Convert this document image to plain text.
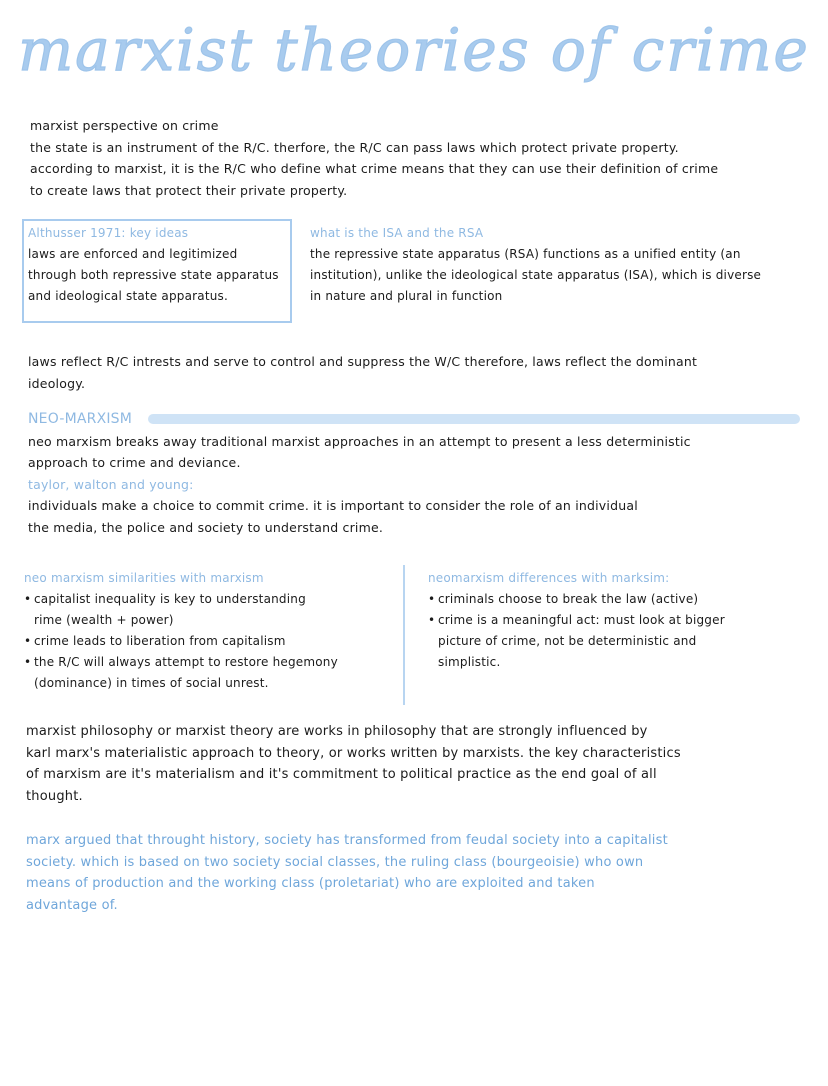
marxist theories of crime
marxist perspective on crime
the state is an instrument of the R/C. therfore, the R/C can pass laws which protect private property.
according to marxist, it is the R/C who define what crime means that they can use their definition of crime
to create laws that protect their private property.
Althusser 1971: key ideas
laws are enforced and legitimized
through both repressive state apparatus
and ideological state apparatus.
what is the ISA and the RSA
the repressive state apparatus (RSA) functions as a unified entity (an
institution), unlike the ideological state apparatus (ISA), which is diverse
in nature and plural in function
laws reflect R/C intrests and serve to control and suppress the W/C therefore, laws reflect the dominant
ideology.
NEO-MARXISM
neo marxism breaks away traditional marxist approaches in an attempt to present a less deterministic
approach to crime and deviance.
taylor, walton and young:
individuals make a choice to commit crime. it is important to consider the role of an individual
the media, the police and society to understand crime.
neo marxism similarities with marxism
• capitalist inequality is key to understanding
rime (wealth + power)
• crime leads to liberation from capitalism
• the R/C will always attempt to restore hegemony
(dominance) in times of social unrest.
neomarxism differences with marksim:
• criminals choose to break the law (active)
• crime is a meaningful act: must look at bigger
picture of crime, not be deterministic and
simplistic.
marxist philosophy or marxist theory are works in philosophy that are strongly influenced by
karl marx's materialistic approach to theory, or works written by marxists. the key characteristics
of marxism are it's materialism and it's commitment to political practice as the end goal of all
thought.
marx argued that throught history, society has transformed from feudal society into a capitalist
society. which is based on two society social classes, the ruling class (bourgeoisie) who own
means of production and the working class (proletariat) who are exploited and taken
advantage of.
